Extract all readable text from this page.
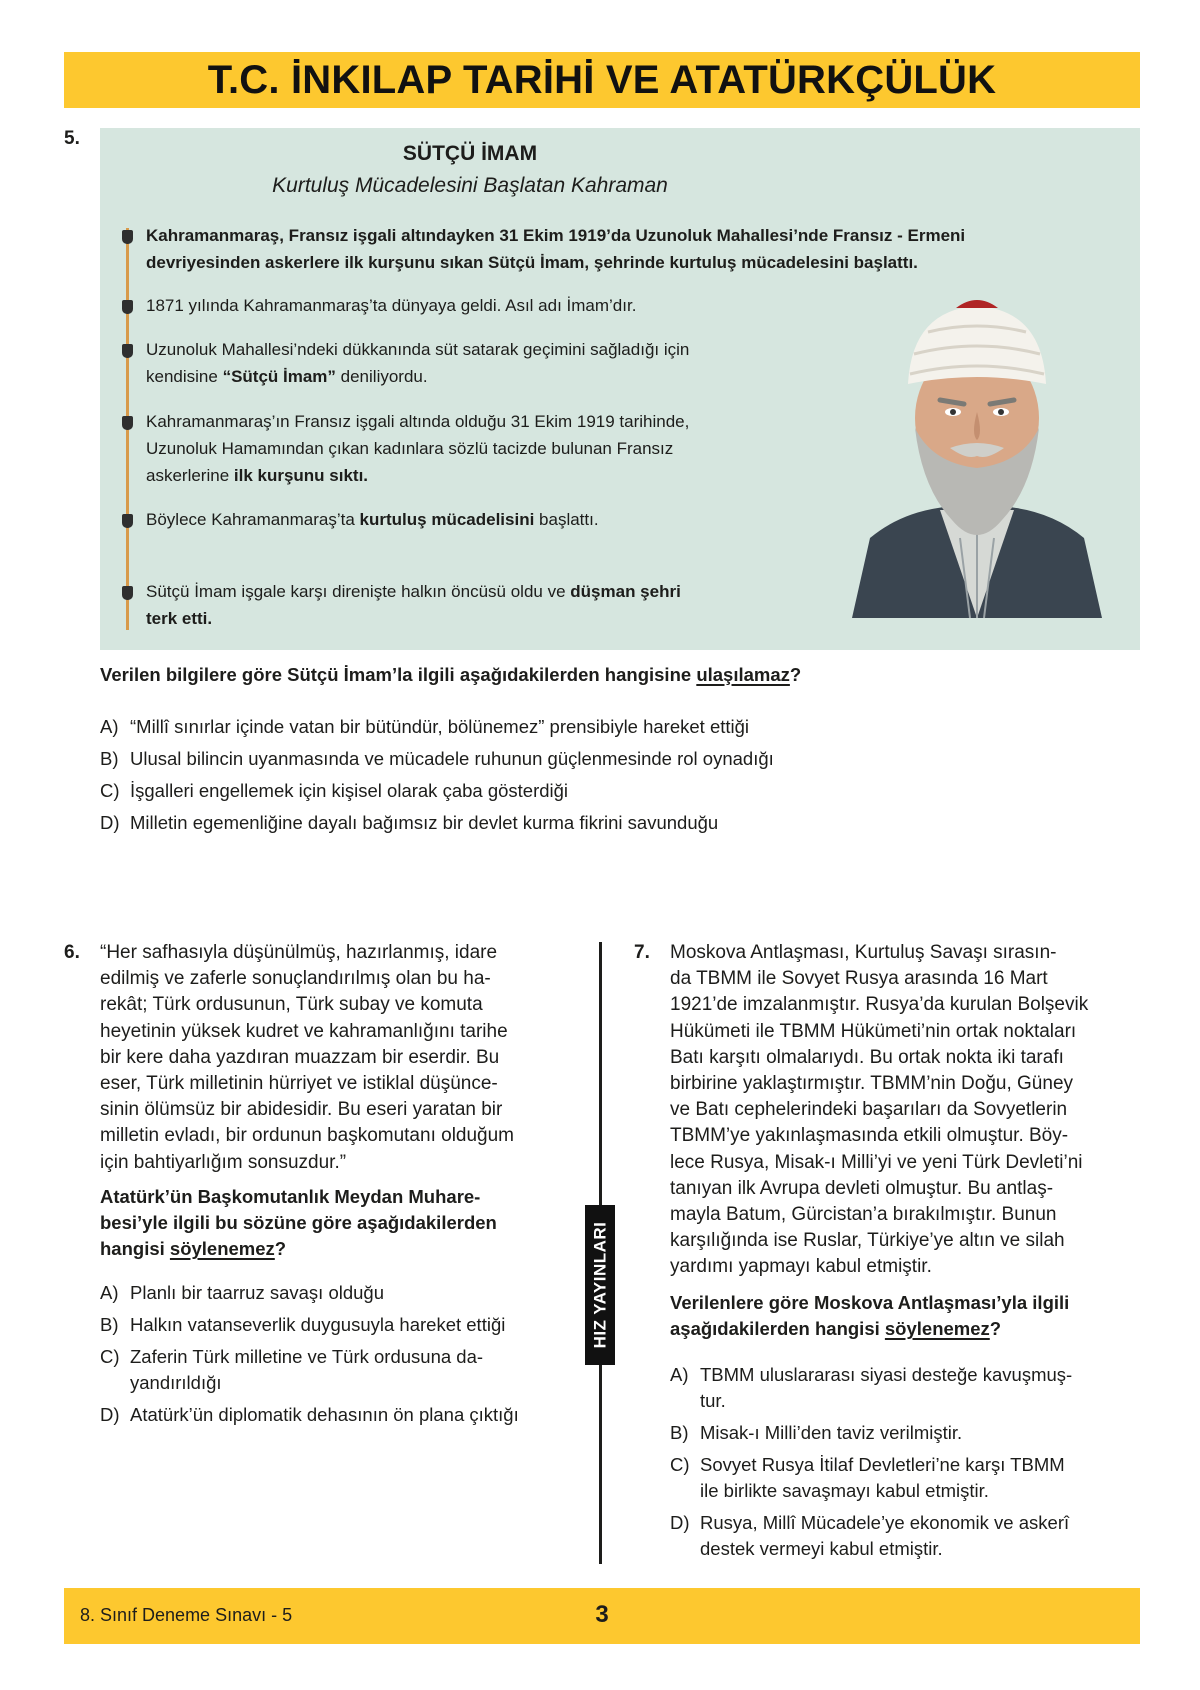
T.C. İNKILAP TARİHİ VE ATATÜRKÇÜLÜK
5.
SÜTÇÜ İMAM
Kurtuluş Mücadelesini Başlatan Kahraman
Kahramanmaraş, Fransız işgali altındayken 31 Ekim 1919’da Uzunoluk Mahallesi’nde Fransız - Ermeni
devriyesinden askerlere ilk kurşunu sıkan Sütçü İmam, şehrinde kurtuluş mücadelesini başlattı.
1871 yılında Kahramanmaraş’ta dünyaya geldi. Asıl adı İmam’dır.
Uzunoluk Mahallesi’ndeki dükkanında süt satarak geçimini sağladığı için
kendisine “Sütçü İmam” deniliyordu.
Kahramanmaraş’ın Fransız işgali altında olduğu 31 Ekim 1919 tarihinde,
Uzunoluk Hamamından çıkan kadınlara sözlü tacizde bulunan Fransız
askerlerine ilk kurşunu sıktı.
Böylece Kahramanmaraş’ta kurtuluş mücadelisini başlattı.
Sütçü İmam işgale karşı direnişte halkın öncüsü oldu ve düşman şehri
terk etti.
Verilen bilgilere göre Sütçü İmam’la ilgili aşağıdakilerden hangisine ulaşılamaz?
A) “Millî sınırlar içinde vatan bir bütündür, bölünemez” prensibiyle hareket ettiği
B) Ulusal bilincin uyanmasında ve mücadele ruhunun güçlenmesinde rol oynadığı
C) İşgalleri engellemek için kişisel olarak çaba gösterdiği
D) Milletin egemenliğine dayalı bağımsız bir devlet kurma fikrini savunduğu
6. “Her safhasıyla düşünülmüş, hazırlanmış, idare
edilmiş ve zaferle sonuçlandırılmış olan bu ha-
rekât; Türk ordusunun, Türk subay ve komuta
heyetinin yüksek kudret ve kahramanlığını tarihe
bir kere daha yazdıran muazzam bir eserdir. Bu
eser, Türk milletinin hürriyet ve istiklal düşünce-
sinin ölümsüz bir abidesidir. Bu eseri yaratan bir
milletin evladı, bir ordunun başkomutanı olduğum
için bahtiyarlığım sonsuzdur.”
Atatürk’ün Başkomutanlık Meydan Muhare-
besi’yle ilgili bu sözüne göre aşağıdakilerden
hangisi söylenemez?
A) Planlı bir taarruz savaşı olduğu
B) Halkın vatanseverlik duygusuyla hareket ettiği
C) Zaferin Türk milletine ve Türk ordusuna da-
yandırıldığı
D) Atatürk’ün diplomatik dehasının ön plana çıktığı
HIZ YAYINLARI
7. Moskova Antlaşması, Kurtuluş Savaşı sırasın-
da TBMM ile Sovyet Rusya arasında 16 Mart
1921’de imzalanmıştır. Rusya’da kurulan Bolşevik
Hükümeti ile TBMM Hükümeti’nin ortak noktaları
Batı karşıtı olmalarıydı. Bu ortak nokta iki tarafı
birbirine yaklaştırmıştır. TBMM’nin Doğu, Güney
ve Batı cephelerindeki başarıları da Sovyetlerin
TBMM’ye yakınlaşmasında etkili olmuştur. Böy-
lece Rusya, Misak-ı Milli’yi ve yeni Türk Devleti’ni
tanıyan ilk Avrupa devleti olmuştur. Bu antlaş-
mayla Batum, Gürcistan’a bırakılmıştır. Bunun
karşılığında ise Ruslar, Türkiye’ye altın ve silah
yardımı yapmayı kabul etmiştir.
Verilenlere göre Moskova Antlaşması’yla ilgili
aşağıdakilerden hangisi söylenemez?
A) TBMM uluslararası siyasi desteğe kavuşmuş-
tur.
B) Misak-ı Milli’den taviz verilmiştir.
C) Sovyet Rusya İtilaf Devletleri’ne karşı TBMM
ile birlikte savaşmayı kabul etmiştir.
D) Rusya, Millî Mücadele’ye ekonomik ve askerî
destek vermeyi kabul etmiştir.
8. Sınıf Deneme Sınavı - 5	3
